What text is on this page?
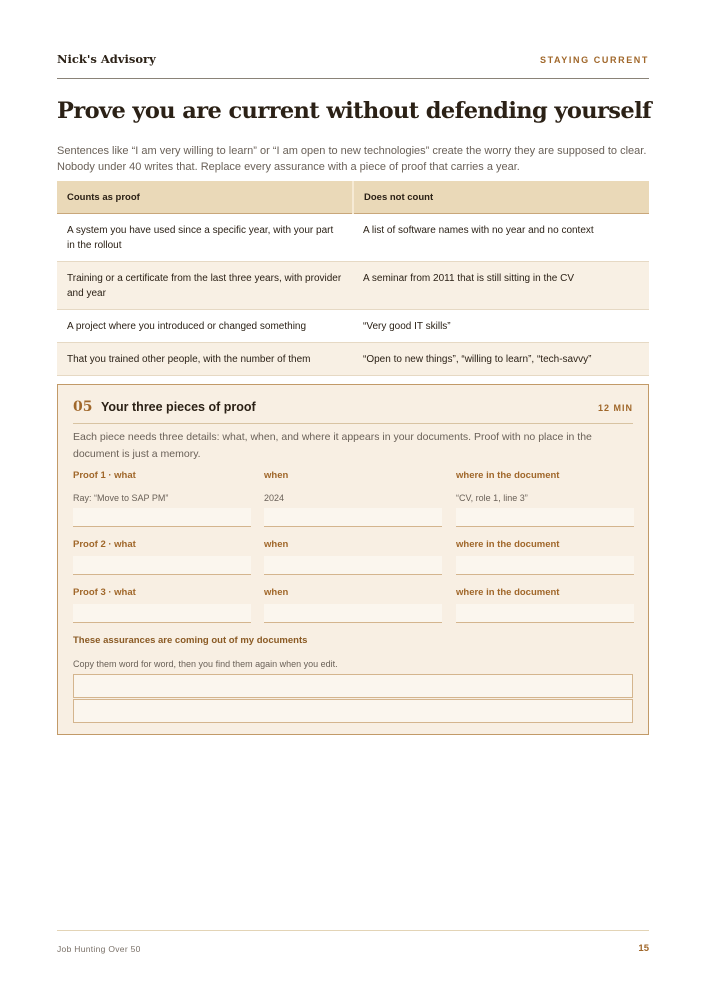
Nick's Advisory	STAYING CURRENT
Prove you are current without defending yourself

Sentences like “I am very willing to learn” or “I am open to new technologies” create the worry they are supposed to clear. Nobody under 40 writes that. Replace every assurance with a piece of proof that carries a year.

Counts as proof	Does not count
A system you have used since a specific year, with your part in the rollout	A list of software names with no year and no context
Training or a certificate from the last three years, with provider and year	A seminar from 2011 that is still sitting in the CV
A project where you introduced or changed something	“Very good IT skills”
That you trained other people, with the number of them	“Open to new things”, “willing to learn”, “tech-savvy”
05 Your three pieces of proof	12 MIN

Each piece needs three details: what, when, and where it appears in your documents. Proof with no place in the document is just a memory.

Proof 1 · what	when	where in the document
Ray: “Move to SAP PM”	2024	“CV, role 1, line 3”
Proof 2 · what	when	where in the document
Proof 3 · what	when	where in the document
These assurances are coming out of my documents
Copy them word for word, then you find them again when you edit.
Job Hunting Over 50	15
